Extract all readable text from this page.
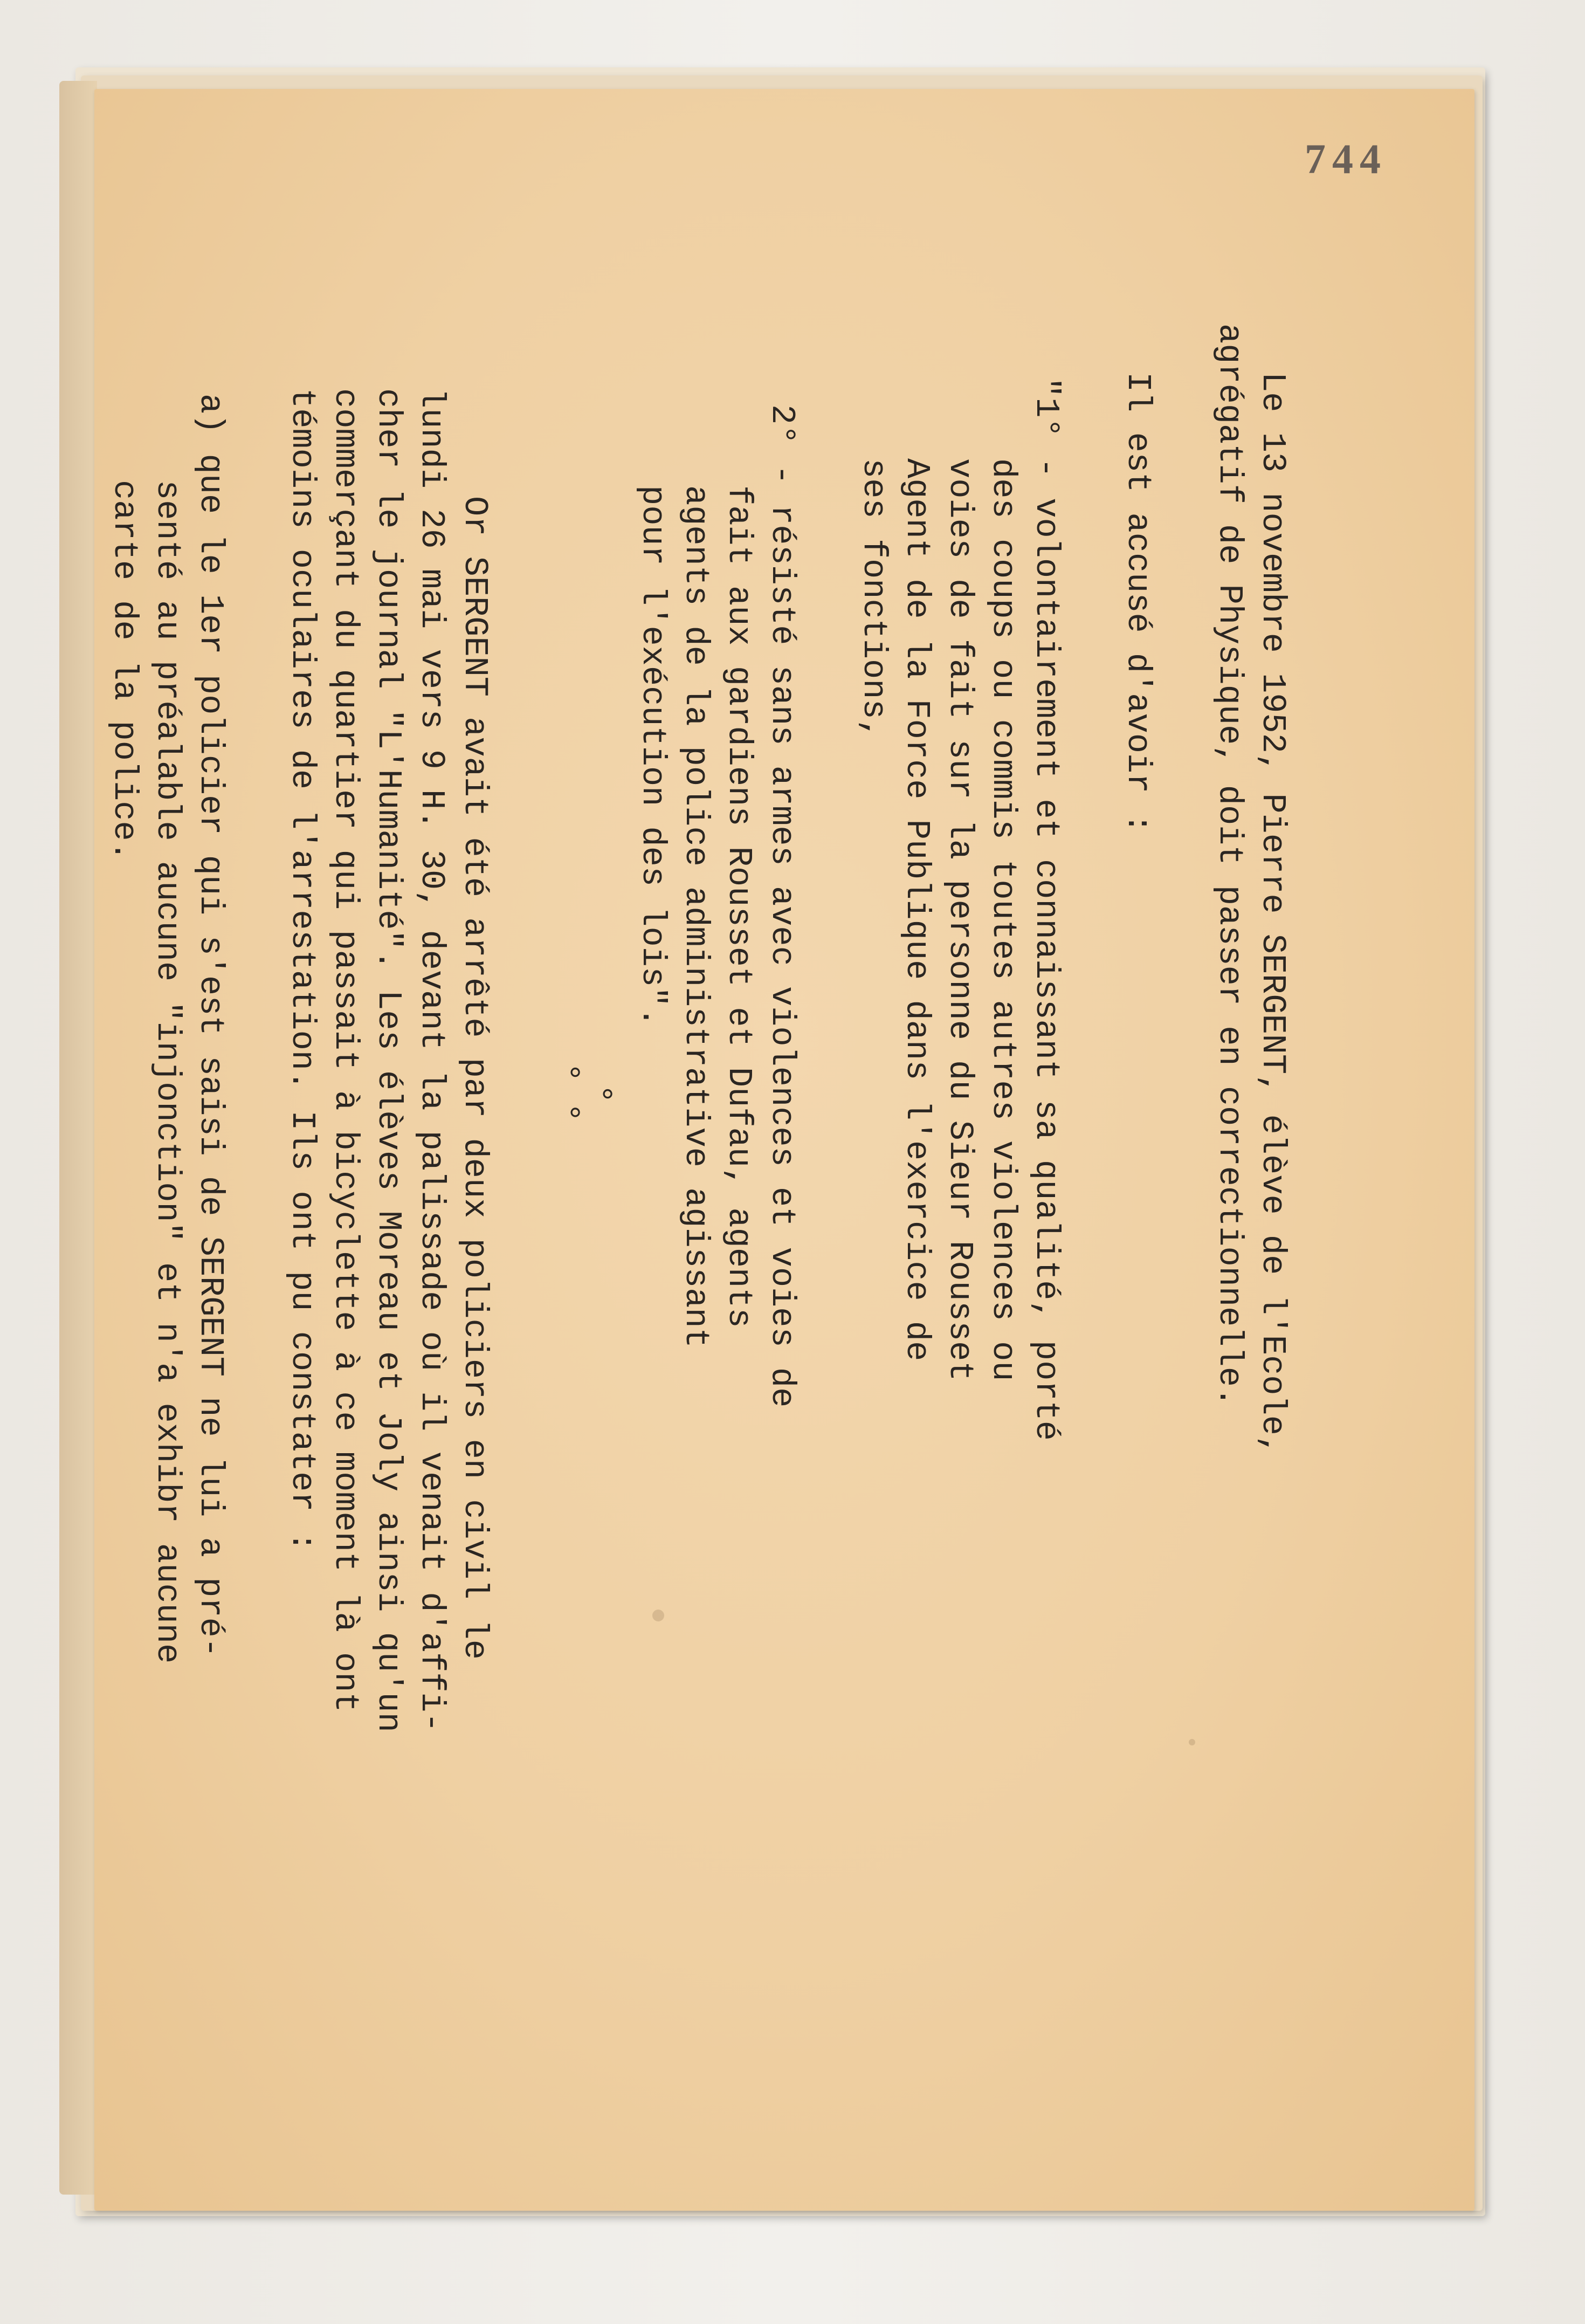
744

Le 13 novembre 1952, Pierre SERGENT, élève de l'Ecole,

agrégatif de Physique, doit passer en correctionnelle.

Il est accusé d'avoir :

"1° - volontairement et connaissant sa qualité, porté

des coups ou commis toutes autres violences ou

voies de fait sur la personne du Sieur Rousset

Agent de la Force Publique dans l'exercice de

ses fonctions,

2° - résisté sans armes avec violences et voies de

fait aux gardiens Rousset et Dufau, agents

agents de la police administrative agissant

pour l'exécution des lois".

°

° °

Or SERGENT avait été arrêté par deux policiers en civil le

lundi 26 mai vers 9 H. 30, devant la palissade où il venait d'affi-

cher le journal "L'Humanité". Les élèves Moreau et Joly ainsi qu'un

commerçant du quartier qui passait à bicyclette à ce moment là ont

témoins oculaires de l'arrestation. Ils ont pu constater :

a) que le 1er policier qui s'est saisi de SERGENT ne lui a pré-

senté au préalable aucune "injonction" et n'a exhibr aucune

carte de la police.
